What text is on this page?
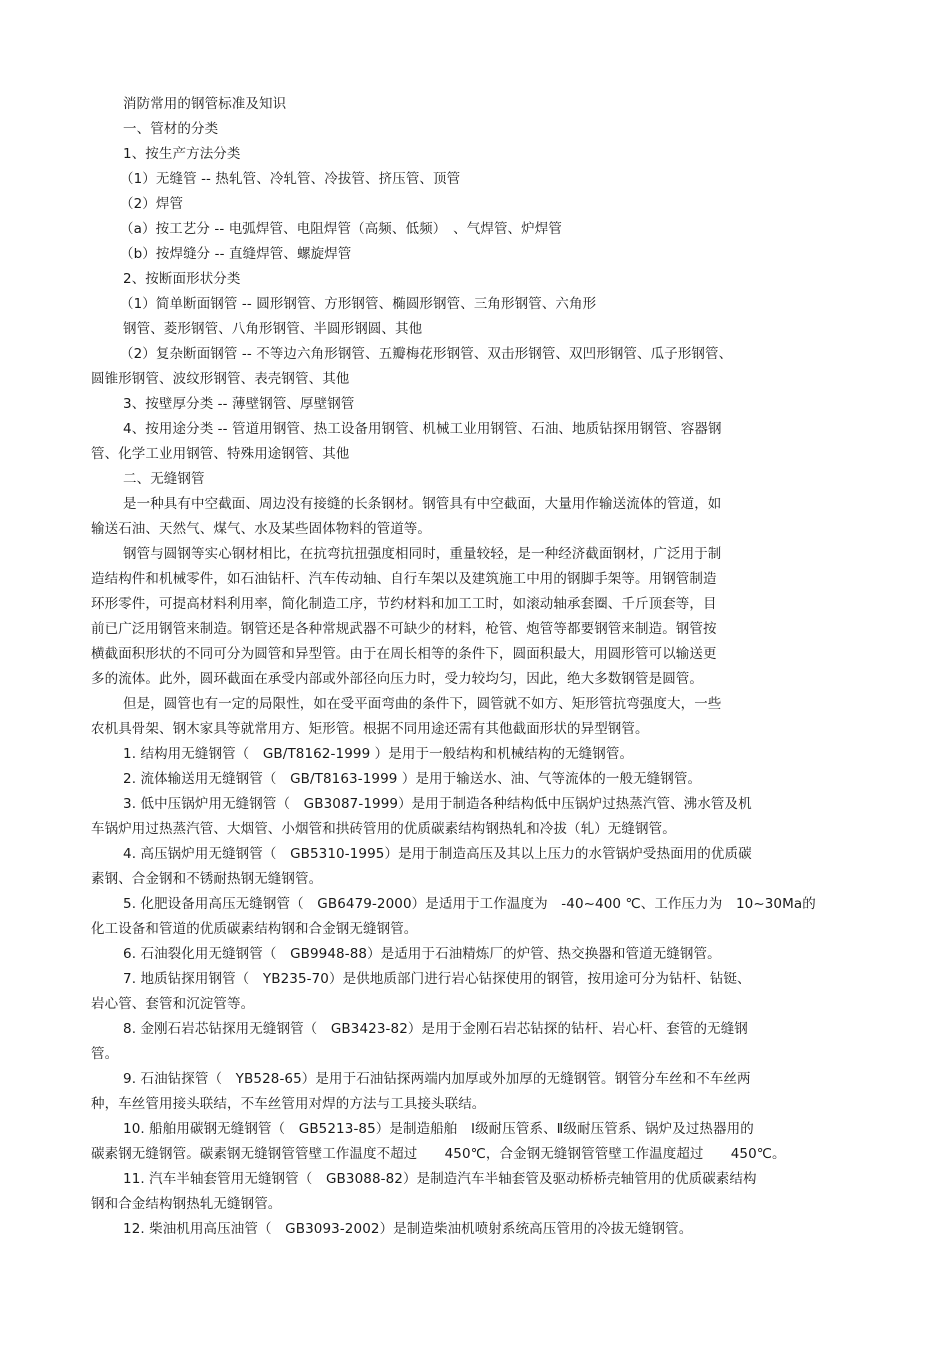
消防常用的钢管标准及知识

一、管材的分类

1、按生产方法分类

（1）无缝管 -- 热轧管、冷轧管、冷拔管、挤压管、顶管

（2）焊管

（a）按工艺分 -- 电弧焊管、电阻焊管（高频、低频）　、气焊管、炉焊管

（b）按焊缝分 -- 直缝焊管、螺旋焊管

2、按断面形状分类

（1）简单断面钢管 -- 圆形钢管、方形钢管、椭圆形钢管、三角形钢管、六角形

钢管、菱形钢管、八角形钢管、半圆形钢圆、其他

（2）复杂断面钢管 -- 不等边六角形钢管、五瓣梅花形钢管、双击形钢管、双凹形钢管、瓜子形钢管、

圆锥形钢管、波纹形钢管、表壳钢管、其他

3、按壁厚分类 -- 薄壁钢管、厚壁钢管

4、按用途分类 -- 管道用钢管、热工设备用钢管、机械工业用钢管、石油、地质钻探用钢管、容器钢

管、化学工业用钢管、特殊用途钢管、其他

二、无缝钢管

是一种具有中空截面、周边没有接缝的长条钢材。钢管具有中空截面，大量用作输送流体的管道，如

输送石油、天然气、煤气、水及某些固体物料的管道等。

钢管与圆钢等实心钢材相比，在抗弯抗扭强度相同时，重量较轻，是一种经济截面钢材，广泛用于制

造结构件和机械零件，如石油钻杆、汽车传动轴、自行车架以及建筑施工中用的钢脚手架等。用钢管制造

环形零件，可提高材料利用率，简化制造工序，节约材料和加工工时，如滚动轴承套圈、千斤顶套等，目

前已广泛用钢管来制造。钢管还是各种常规武器不可缺少的材料，枪管、炮管等都要钢管来制造。钢管按

横截面积形状的不同可分为圆管和异型管。由于在周长相等的条件下，圆面积最大，用圆形管可以输送更

多的流体。此外，圆环截面在承受内部或外部径向压力时，受力较均匀，因此，绝大多数钢管是圆管。

但是，圆管也有一定的局限性，如在受平面弯曲的条件下，圆管就不如方、矩形管抗弯强度大，一些

农机具骨架、钢木家具等就常用方、矩形管。根据不同用途还需有其他截面形状的异型钢管。

1. 结构用无缝钢管（　GB/T8162-1999 ）是用于一般结构和机械结构的无缝钢管。

2. 流体输送用无缝钢管（　GB/T8163-1999 ）是用于输送水、油、气等流体的一般无缝钢管。

3. 低中压锅炉用无缝钢管（　GB3087-1999）是用于制造各种结构低中压锅炉过热蒸汽管、沸水管及机

车锅炉用过热蒸汽管、大烟管、小烟管和拱砖管用的优质碳素结构钢热轧和冷拔（轧）无缝钢管。

4. 高压锅炉用无缝钢管（　GB5310-1995）是用于制造高压及其以上压力的水管锅炉受热面用的优质碳

素钢、合金钢和不锈耐热钢无缝钢管。

5. 化肥设备用高压无缝钢管（　GB6479-2000）是适用于工作温度为　-40~400 ℃、工作压力为　10~30Ma的

化工设备和管道的优质碳素结构钢和合金钢无缝钢管。

6. 石油裂化用无缝钢管（　GB9948-88）是适用于石油精炼厂的炉管、热交换器和管道无缝钢管。

7. 地质钻探用钢管（　YB235-70）是供地质部门进行岩心钻探使用的钢管，按用途可分为钻杆、钻铤、

岩心管、套管和沉淀管等。

8. 金刚石岩芯钻探用无缝钢管（　GB3423-82）是用于金刚石岩芯钻探的钻杆、岩心杆、套管的无缝钢

管。

9. 石油钻探管（　YB528-65）是用于石油钻探两端内加厚或外加厚的无缝钢管。钢管分车丝和不车丝两

种，车丝管用接头联结，不车丝管用对焊的方法与工具接头联结。

10. 船舶用碳钢无缝钢管（　GB5213-85）是制造船舶　Ⅰ级耐压管系、Ⅱ级耐压管系、锅炉及过热器用的

碳素钢无缝钢管。碳素钢无缝钢管管壁工作温度不超过　　450℃，合金钢无缝钢管管壁工作温度超过　　450℃。

11. 汽车半轴套管用无缝钢管（　GB3088-82）是制造汽车半轴套管及驱动桥桥壳轴管用的优质碳素结构

钢和合金结构钢热轧无缝钢管。

12. 柴油机用高压油管（　GB3093-2002）是制造柴油机喷射系统高压管用的冷拔无缝钢管。
